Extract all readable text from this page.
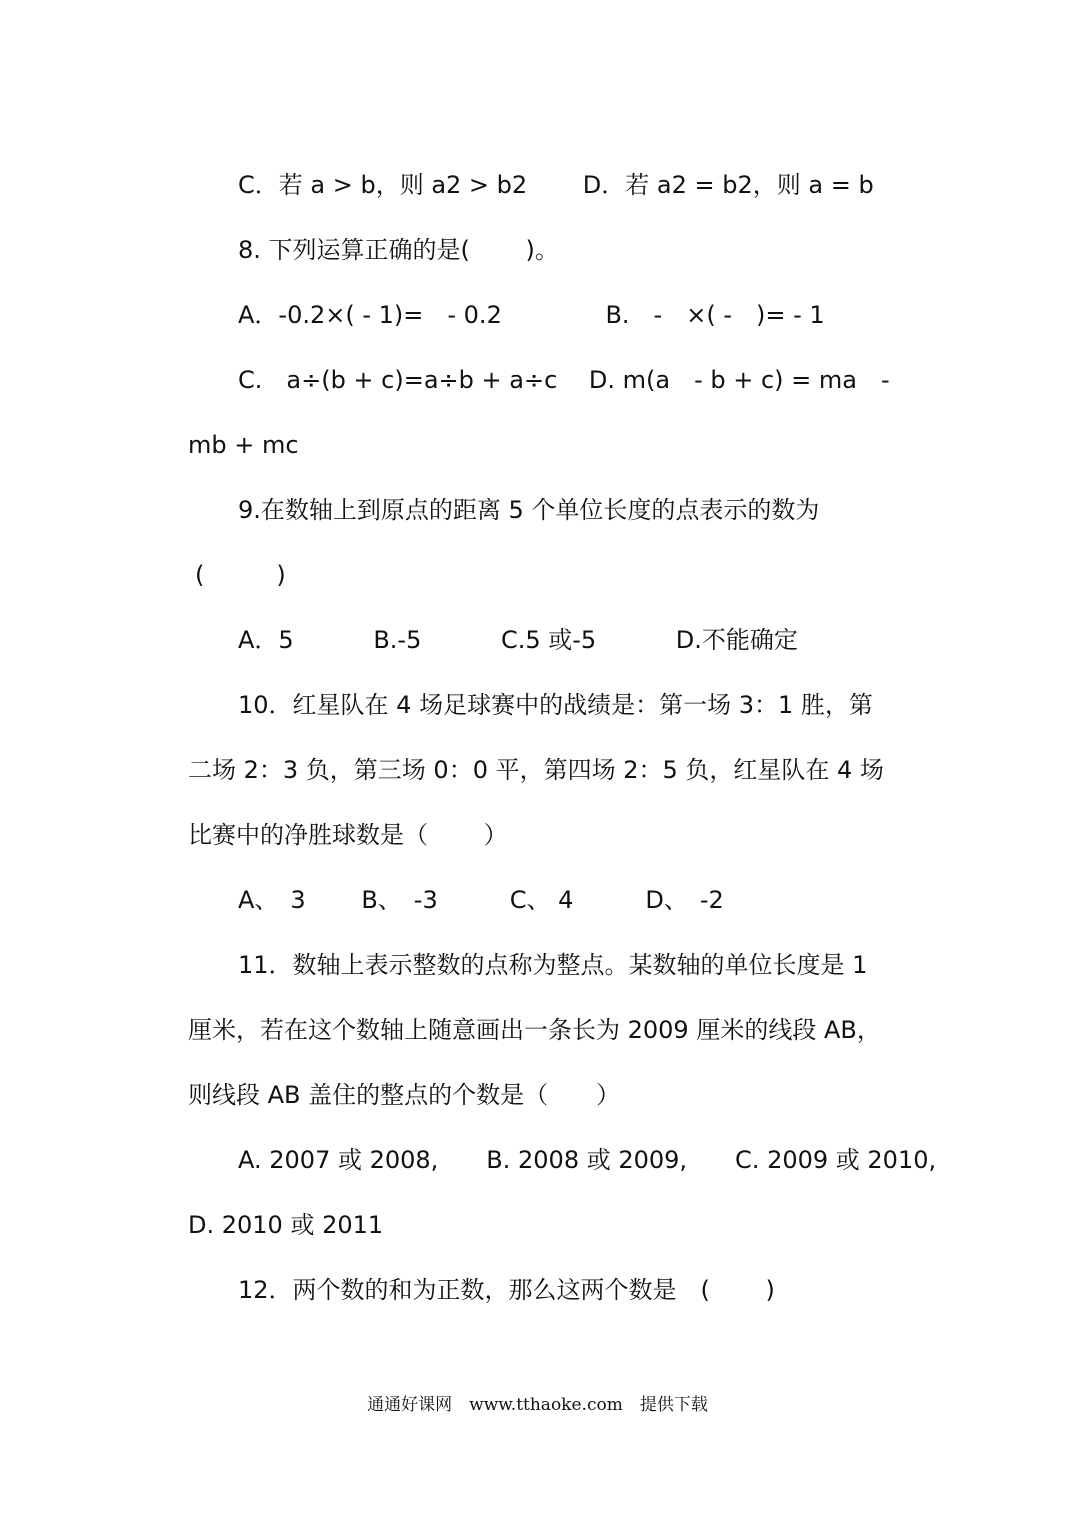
C．若 a > b，则 a2 > b2　　 D．若 a2 = b2，则 a = b
8. 下列运算正确的是(　　 )。
A．-0.2×( - 1)=　- 0.2　　　　 B.　-　×( -　)= - 1
C.　a÷(b + c)=a÷b + a÷c　 D. m(a　- b + c) = ma　-
mb + mc
9.在数轴上到原点的距离 5 个单位长度的点表示的数为
(　　　)
A．5　　　 B.-5　　　 C.5 或-5　　　 D.不能确定
10．红星队在 4 场足球赛中的战绩是：第一场 3：1 胜，第
二场 2：3 负，第三场 0：0 平，第四场 2：5 负，红星队在 4 场
比赛中的净胜球数是（　　 ）
A、　3　　 B、　-3　　　C、 4　　　D、　-2
11．数轴上表示整数的点称为整点。某数轴的单位长度是 1
厘米，若在这个数轴上随意画出一条长为 2009 厘米的线段 AB，
则线段 AB 盖住的整点的个数是（　　）
A. 2007 或 2008,　　B. 2008 或 2009,　　C. 2009 或 2010,
D. 2010 或 2011
12．两个数的和为正数，那么这两个数是　(　　 )
通通好课网　www.tthaoke.com　提供下载
